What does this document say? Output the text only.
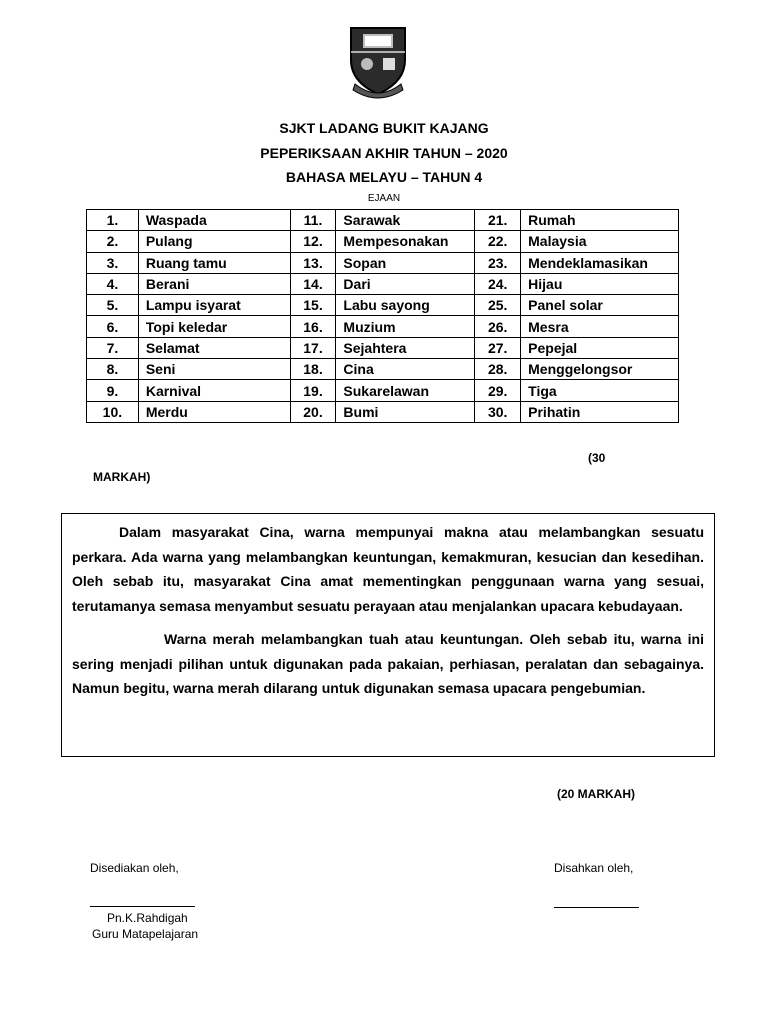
SJKT LADANG BUKIT KAJANG
PEPERIKSAAN AKHIR TAHUN – 2020
BAHASA MELAYU – TAHUN 4
EJAAN
1.	Waspada	11.	Sarawak	21.	Rumah
2.	Pulang	12.	Mempesonakan	22.	Malaysia
3.	Ruang tamu	13.	Sopan	23.	Mendeklamasikan
4.	Berani	14.	Dari	24.	Hijau
5.	Lampu isyarat	15.	Labu sayong	25.	Panel solar
6.	Topi keledar	16.	Muzium	26.	Mesra
7.	Selamat	17.	Sejahtera	27.	Pepejal
8.	Seni	18.	Cina	28.	Menggelongsor
9.	Karnival	19.	Sukarelawan	29.	Tiga
10.	Merdu	20.	Bumi	30.	Prihatin
(30
MARKAH)

Dalam masyarakat Cina, warna mempunyai makna atau melambangkan sesuatu perkara. Ada warna yang melambangkan keuntungan, kemakmuran, kesucian dan kesedihan. Oleh sebab itu, masyarakat Cina amat mementingkan penggunaan warna yang sesuai, terutamanya semasa menyambut sesuatu perayaan atau menjalankan upacara kebudayaan.

Warna merah melambangkan tuah atau keuntungan. Oleh sebab itu, warna ini sering menjadi pilihan untuk digunakan pada pakaian, perhiasan, peralatan dan sebagainya. Namun begitu, warna merah dilarang untuk digunakan semasa upacara pengebumian.

(20 MARKAH)
Disediakan oleh,	Disahkan oleh,
Pn.K.Rahdigah
Guru Matapelajaran
